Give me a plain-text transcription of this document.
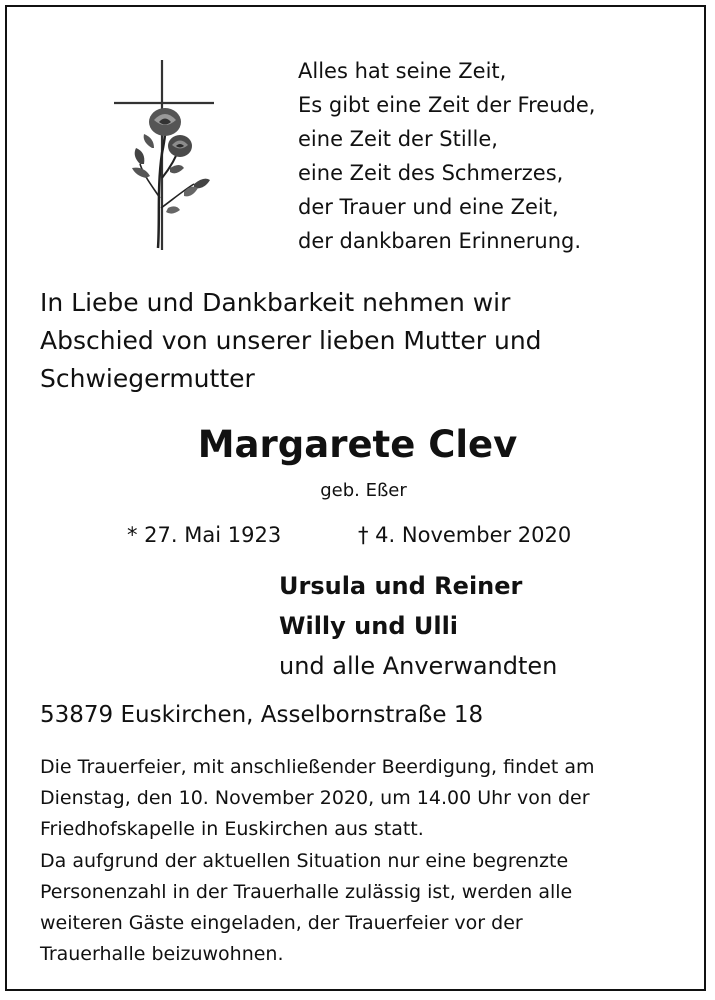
Alles hat seine Zeit,
Es gibt eine Zeit der Freude,
eine Zeit der Stille,
eine Zeit des Schmerzes,
der Trauer und eine Zeit,
der dankbaren Erinnerung.
In Liebe und Dankbarkeit nehmen wir
Abschied von unserer lieben Mutter und
Schwiegermutter
Margarete Clev
geb. Eßer
* 27. Mai 1923	† 4. November 2020
Ursula und Reiner
Willy und Ulli
und alle Anverwandten
53879 Euskirchen, Asselbornstraße 18
Die Trauerfeier, mit anschließender Beerdigung, findet am
Dienstag, den 10. November 2020, um 14.00 Uhr von der
Friedhofskapelle in Euskirchen aus statt.
Da aufgrund der aktuellen Situation nur eine begrenzte
Personenzahl in der Trauerhalle zulässig ist, werden alle
weiteren Gäste eingeladen, der Trauerfeier vor der
Trauerhalle beizuwohnen.
